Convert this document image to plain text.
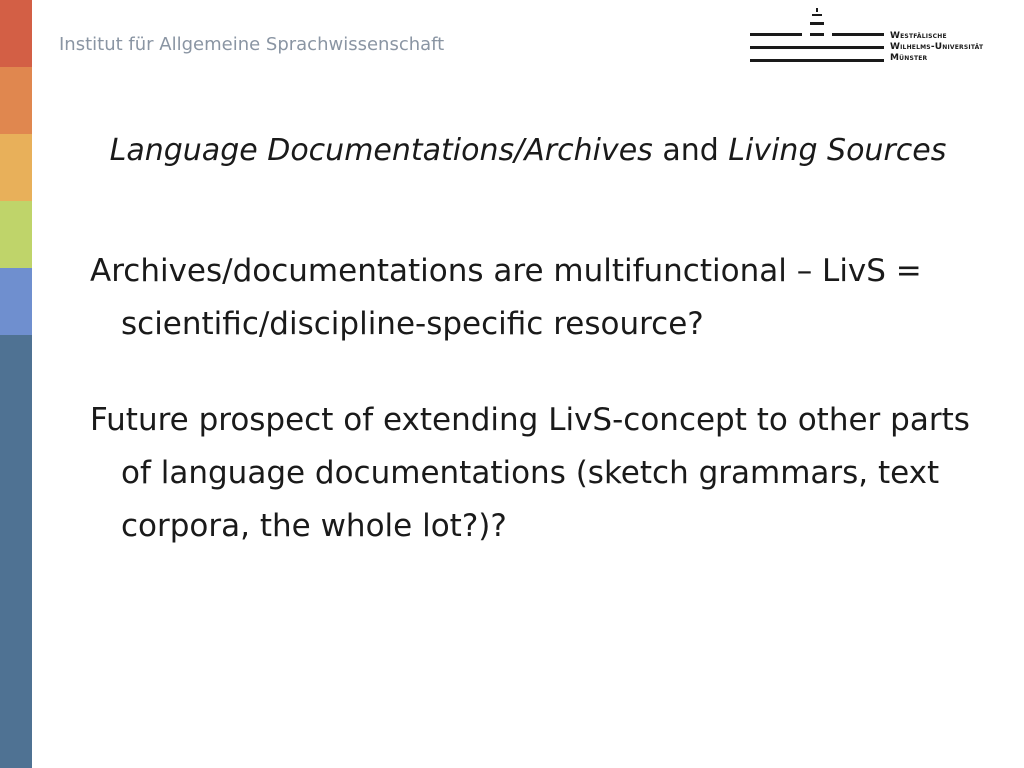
Institut für Allgemeine Sprachwissenschaft	Westfälische
Wilhelms-Universität
Münster
Language Documentations/Archives and Living Sources

Archives/documentations are multifunctional – LivS = scientific/discipline-specific resource?

Future prospect of extending LivS-concept to other parts of language documentations (sketch grammars, text corpora, the whole lot?)?
